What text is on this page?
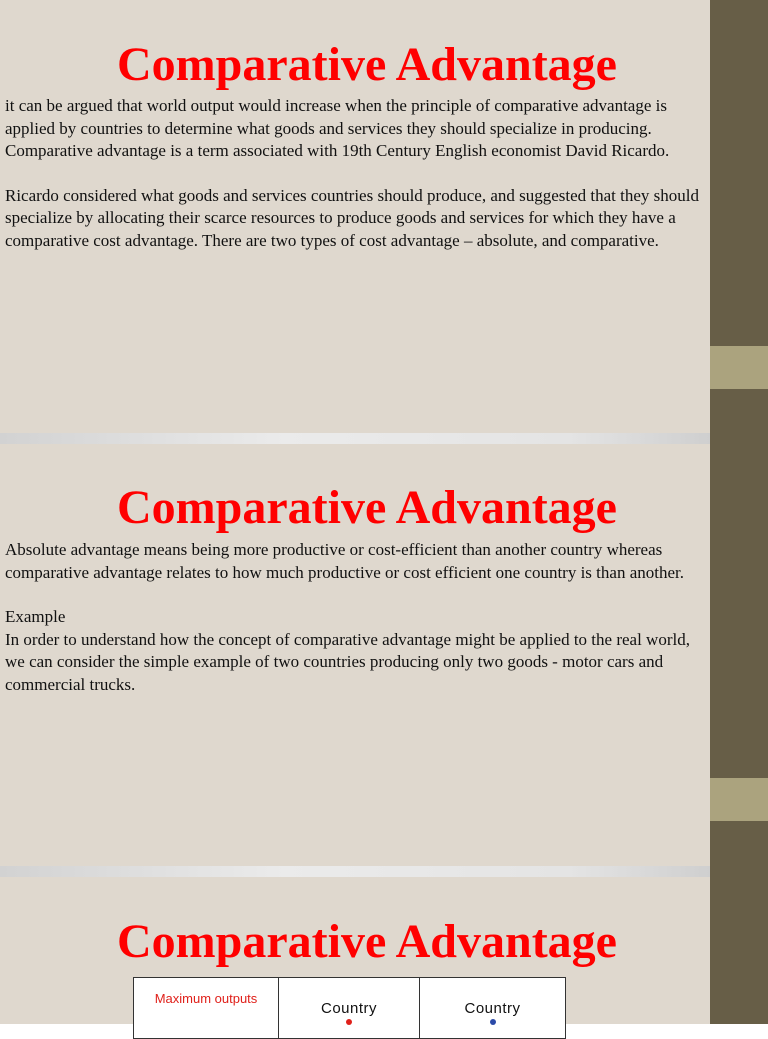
Comparative Advantage

it can be argued that world output would increase when the principle of comparative advantage is applied by countries to determine what goods and services they should specialize in producing. Comparative advantage is a term associated with 19th Century English economist David Ricardo.

Ricardo considered what goods and services countries should produce, and suggested that they should specialize by allocating their scarce resources to produce goods and services for which they have a comparative cost advantage. There are two types of cost advantage – absolute, and comparative.

Comparative Advantage

Absolute advantage means being more productive or cost-efficient than another country whereas comparative advantage relates to how much productive or cost efficient one country is than another.

Example

In order to understand how the concept of comparative advantage might be applied to the real world, we can consider the simple example of two countries producing only two goods - motor cars and commercial trucks.

Comparative Advantage
Maximum outputs
Country	Country
